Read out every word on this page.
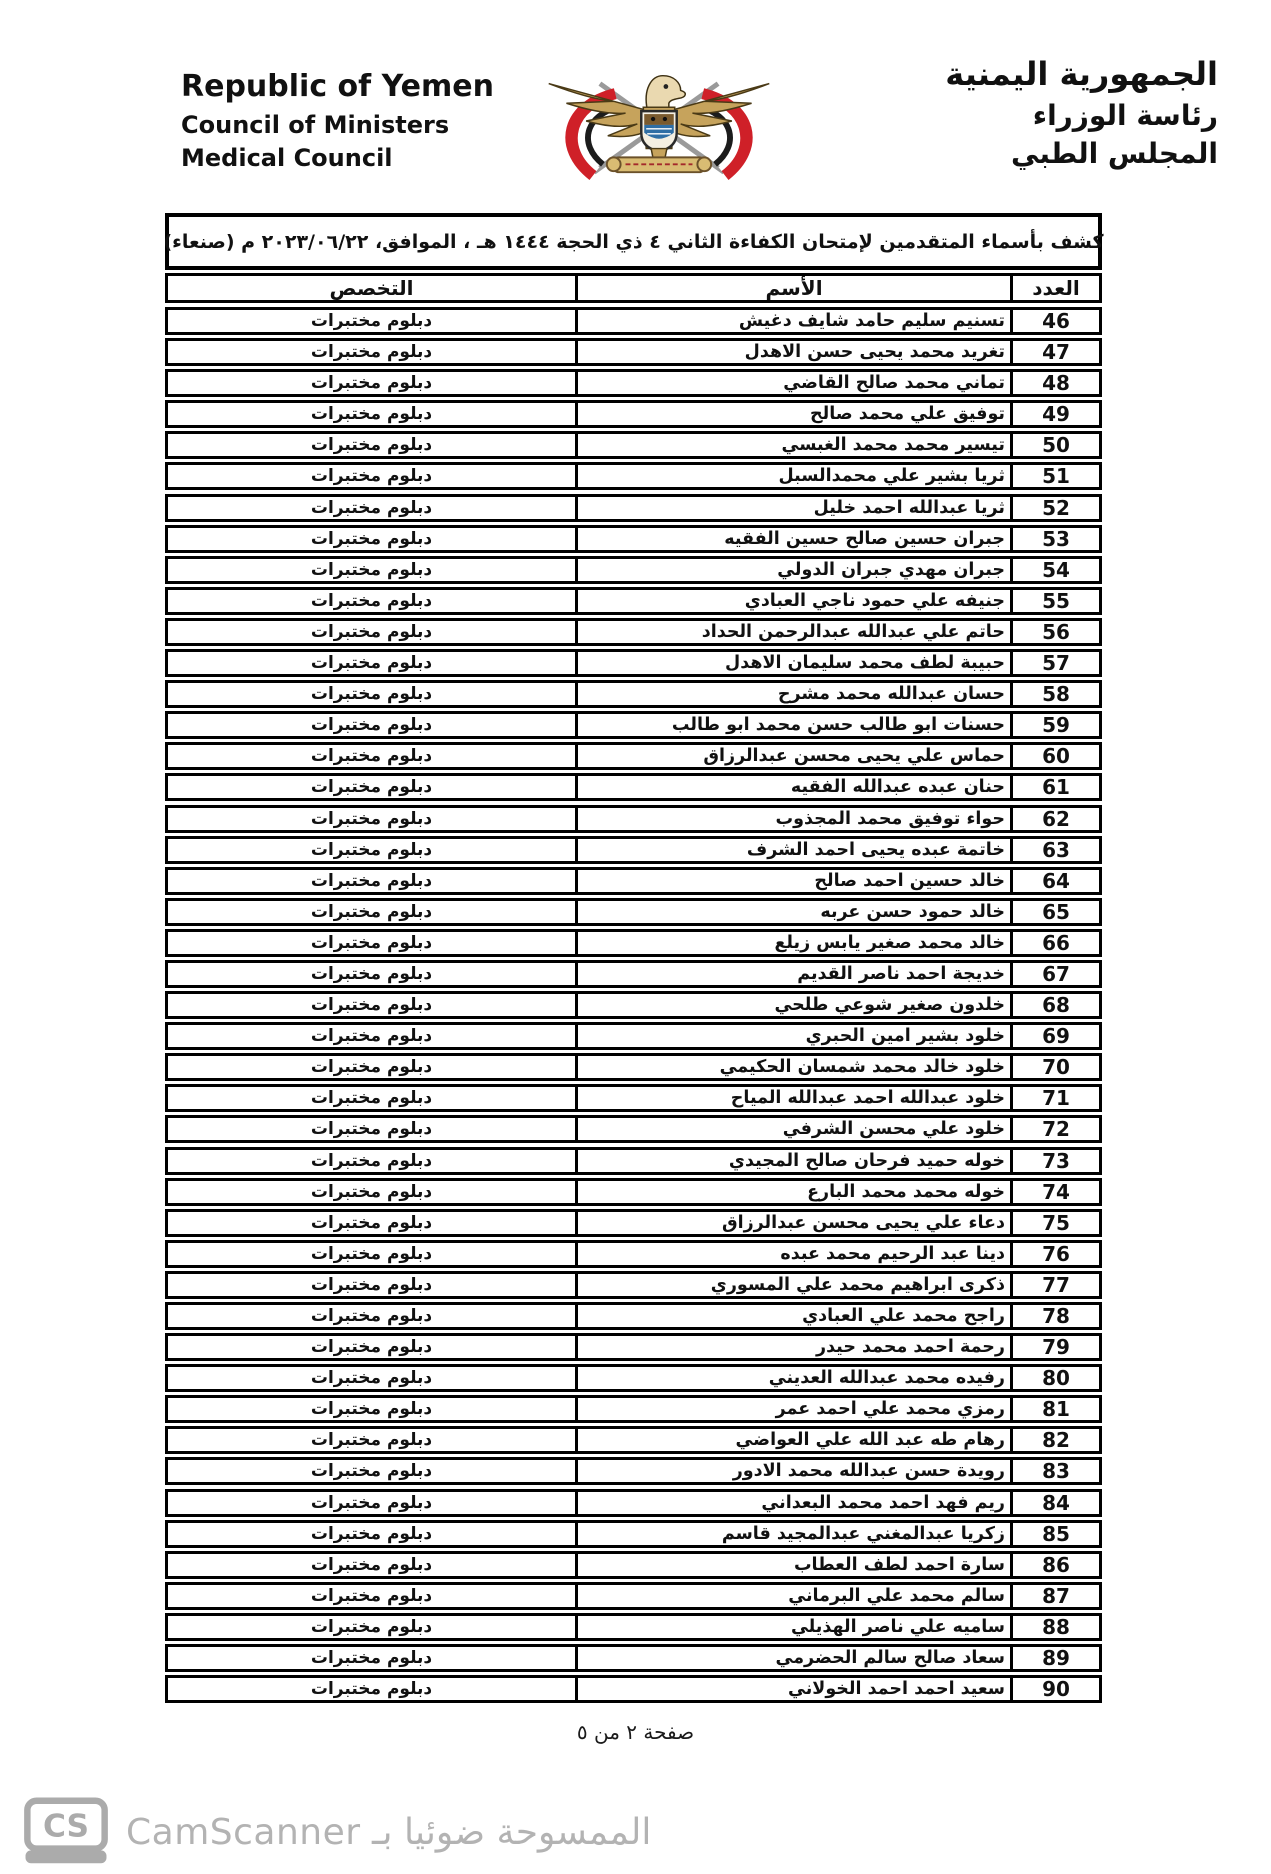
Republic of Yemen
Council of Ministers
Medical Council
الجمهورية اليمنية
رئاسة الوزراء
المجلس الطبي
كشف بأسماء المتقدمين لإمتحان الكفاءة الثاني ٤ ذي الحجة ١٤٤٤ هـ ، الموافق، ٢٠٢٣/٠٦/٢٢ م (صنعاء)
التخصص	الأسم	العدد
دبلوم مختبرات	تسنيم سليم حامد شايف دغيش	46
دبلوم مختبرات	تغريد محمد يحيى حسن الاهدل	47
دبلوم مختبرات	تماني محمد صالح القاضي	48
دبلوم مختبرات	توفيق علي محمد صالح	49
دبلوم مختبرات	تيسير محمد محمد الغبسي	50
دبلوم مختبرات	ثريا بشير علي محمدالسبل	51
دبلوم مختبرات	ثريا عبدالله احمد خليل	52
دبلوم مختبرات	جبران حسين صالح حسين الفقيه	53
دبلوم مختبرات	جبران مهدي جبران الدولي	54
دبلوم مختبرات	جنيفه علي حمود ناجي العبادي	55
دبلوم مختبرات	حاتم علي عبدالله عبدالرحمن الحداد	56
دبلوم مختبرات	حبيبة لطف محمد سليمان الاهدل	57
دبلوم مختبرات	حسان عبدالله محمد مشرح	58
دبلوم مختبرات	حسنات ابو طالب حسن محمد ابو طالب	59
دبلوم مختبرات	حماس علي يحيى محسن عبدالرزاق	60
دبلوم مختبرات	حنان عبده عبدالله الفقيه	61
دبلوم مختبرات	حواء توفيق محمد المجذوب	62
دبلوم مختبرات	خاتمة عبده يحيى احمد الشرف	63
دبلوم مختبرات	خالد حسين احمد صالح	64
دبلوم مختبرات	خالد حمود حسن عربه	65
دبلوم مختبرات	خالد محمد صغير يابس زيلع	66
دبلوم مختبرات	خديجة احمد ناصر القديم	67
دبلوم مختبرات	خلدون صغير شوعي طلحي	68
دبلوم مختبرات	خلود بشير امين الحبري	69
دبلوم مختبرات	خلود خالد محمد شمسان الحكيمي	70
دبلوم مختبرات	خلود عبدالله احمد عبدالله المياح	71
دبلوم مختبرات	خلود علي محسن الشرفي	72
دبلوم مختبرات	خوله حميد فرحان صالح المجيدي	73
دبلوم مختبرات	خوله محمد محمد البارع	74
دبلوم مختبرات	دعاء علي يحيى محسن عبدالرزاق	75
دبلوم مختبرات	دينا عبد الرحيم محمد عبده	76
دبلوم مختبرات	ذكرى ابراهيم محمد علي المسوري	77
دبلوم مختبرات	راجح محمد علي العبادي	78
دبلوم مختبرات	رحمة احمد محمد حيدر	79
دبلوم مختبرات	رفيده محمد عبدالله العديني	80
دبلوم مختبرات	رمزي محمد علي احمد عمر	81
دبلوم مختبرات	رهام طه عبد الله علي العواضي	82
دبلوم مختبرات	رويدة حسن عبدالله محمد الادور	83
دبلوم مختبرات	ريم فهد احمد محمد البعداني	84
دبلوم مختبرات	زكريا عبدالمغني عبدالمجيد قاسم	85
دبلوم مختبرات	سارة احمد لطف العطاب	86
دبلوم مختبرات	سالم محمد علي البرماني	87
دبلوم مختبرات	ساميه علي ناصر الهذيلي	88
دبلوم مختبرات	سعاد صالح سالم الحضرمي	89
دبلوم مختبرات	سعيد احمد احمد الخولاني	90
صفحة ٢ من ٥
CS الممسوحة ضوئيا بـ CamScanner
